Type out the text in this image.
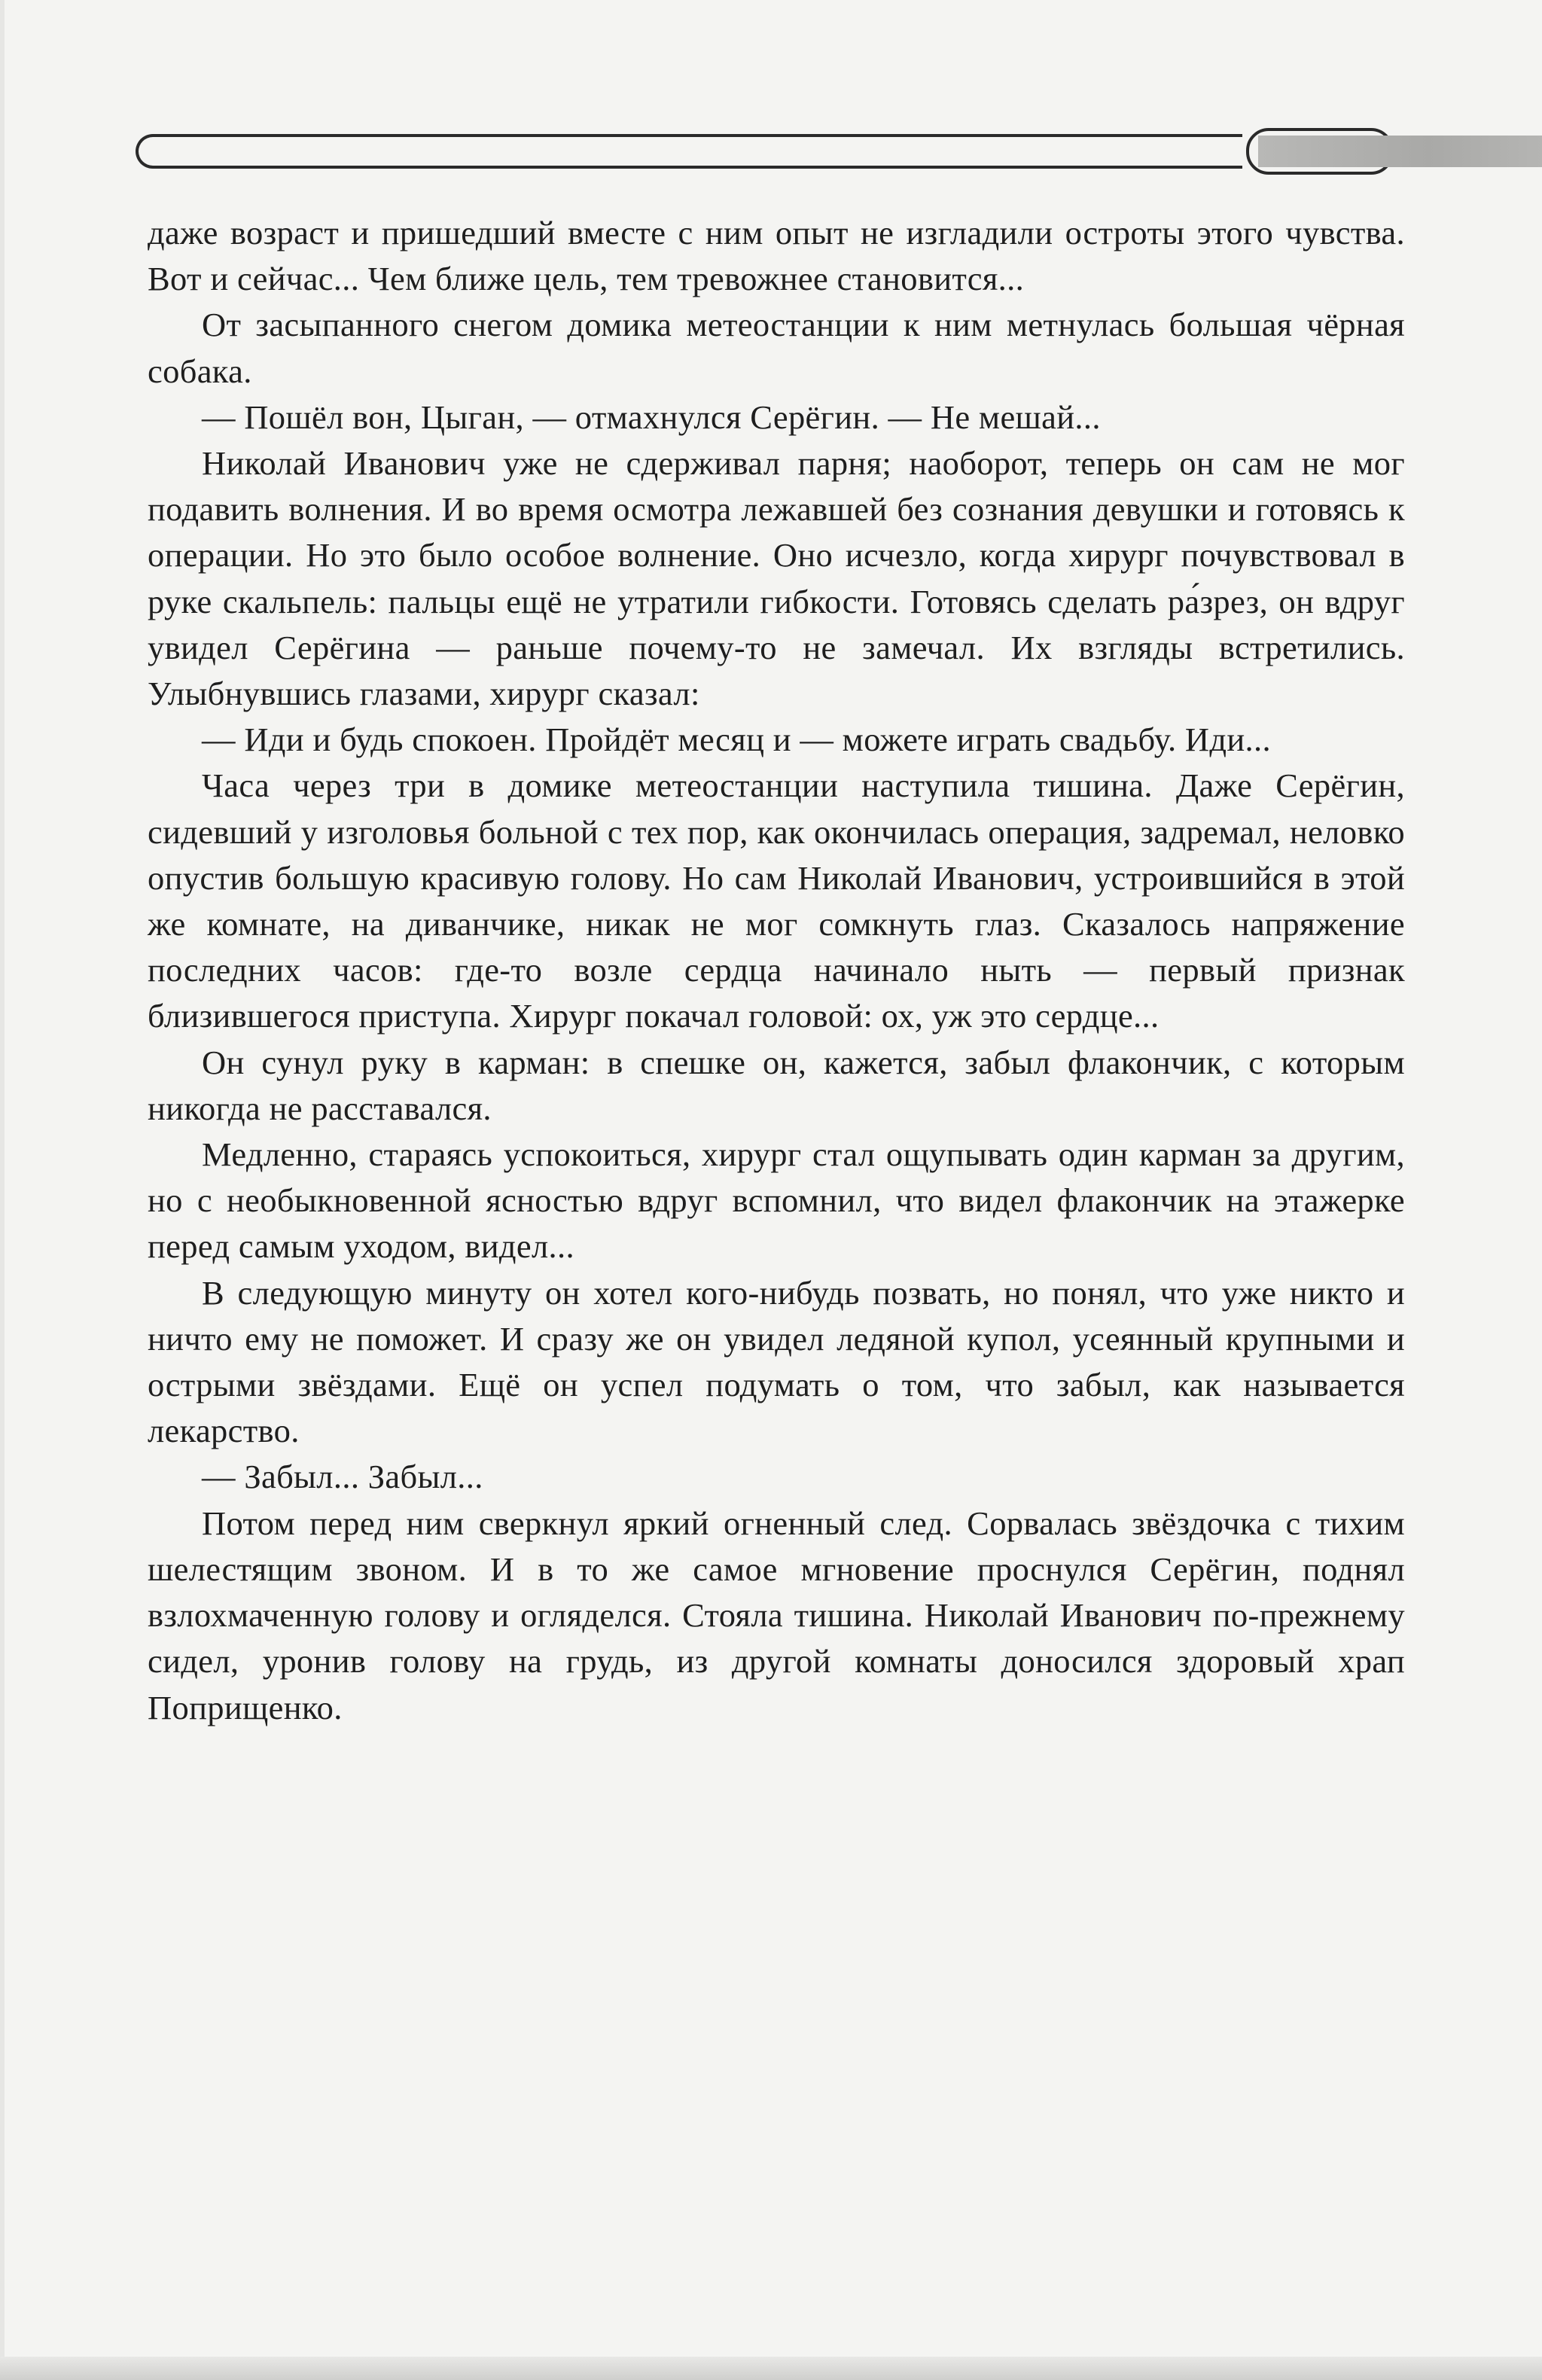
даже возраст и пришедший вместе с ним опыт не изгладили остроты этого чувства. Вот и сейчас... Чем ближе цель, тем тревожнее становится...

От засыпанного снегом домика метеостанции к ним метнулась большая чёрная собака.

— Пошёл вон, Цыган, — отмахнулся Серёгин. — Не мешай...

Николай Иванович уже не сдерживал парня; наоборот, теперь он сам не мог подавить волнения. И во время осмотра лежавшей без сознания девушки и готовясь к операции. Но это было особое волнение. Оно исчезло, когда хирург почувствовал в руке скальпель: пальцы ещё не утратили гибкости. Готовясь сделать ра́зрез, он вдруг увидел Серёгина — раньше почему-то не замечал. Их взгляды встретились. Улыбнувшись глазами, хирург сказал:

— Иди и будь спокоен. Пройдёт месяц и — можете играть свадьбу. Иди...

Часа через три в домике метеостанции наступила тишина. Даже Серёгин, сидевший у изголовья больной с тех пор, как окончилась операция, задремал, неловко опустив большую красивую голову. Но сам Николай Иванович, устроившийся в этой же комнате, на диванчике, никак не мог сомкнуть глаз. Сказалось напряжение последних часов: где-то возле сердца начинало ныть — первый признак близившегося приступа. Хирург покачал головой: ох, уж это сердце...

Он сунул руку в карман: в спешке он, кажется, забыл флакончик, с которым никогда не расставался.

Медленно, стараясь успокоиться, хирург стал ощупывать один карман за другим, но с необыкновенной ясностью вдруг вспомнил, что видел флакончик на этажерке перед самым уходом, видел...

В следующую минуту он хотел кого-нибудь позвать, но понял, что уже никто и ничто ему не поможет. И сразу же он увидел ледяной купол, усеянный крупными и острыми звёздами. Ещё он успел подумать о том, что забыл, как называется лекарство.

— Забыл... Забыл...

Потом перед ним сверкнул яркий огненный след. Сорвалась звёздочка с тихим шелестящим звоном. И в то же самое мгновение проснулся Серёгин, поднял взлохмаченную голову и огляделся. Стояла тишина. Николай Иванович по-прежнему сидел, уронив голову на грудь, из другой комнаты доносился здоровый храп Поприщенко.
